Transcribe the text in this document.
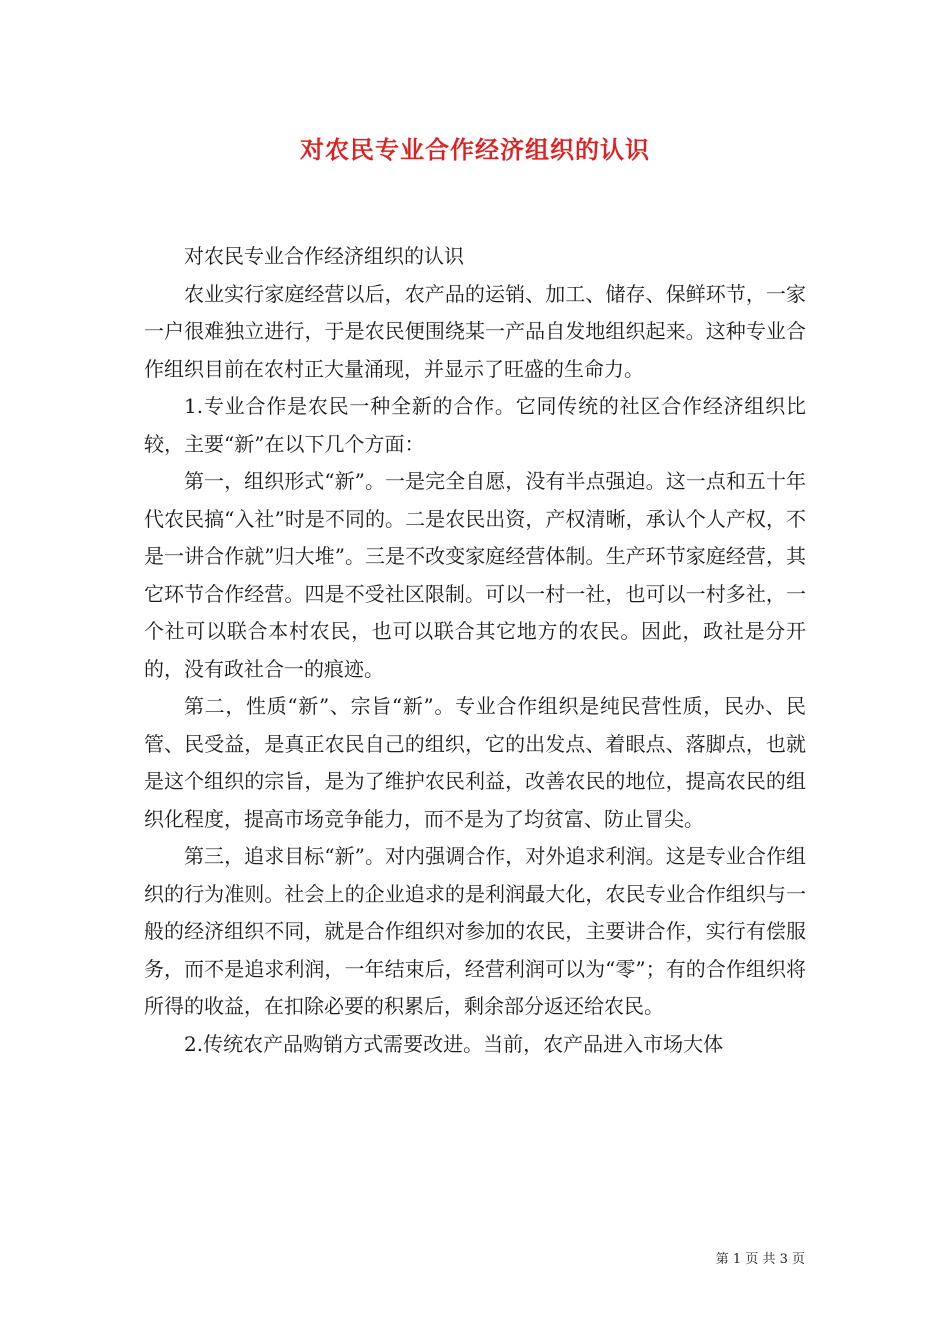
对农民专业合作经济组织的认识

对农民专业合作经济组织的认识

农业实行家庭经营以后，农产品的运销、加工、储存、保鲜环节，一家一户很难独立进行，于是农民便围绕某一产品自发地组织起来。这种专业合作组织目前在农村正大量涌现，并显示了旺盛的生命力。

1.专业合作是农民一种全新的合作。它同传统的社区合作经济组织比较，主要“新”在以下几个方面：

第一，组织形式“新”。一是完全自愿，没有半点强迫。这一点和五十年代农民搞“入社”时是不同的。二是农民出资，产权清晰，承认个人产权，不是一讲合作就”归大堆”。三是不改变家庭经营体制。生产环节家庭经营，其它环节合作经营。四是不受社区限制。可以一村一社，也可以一村多社，一个社可以联合本村农民，也可以联合其它地方的农民。因此，政社是分开的，没有政社合一的痕迹。

第二，性质“新”、宗旨“新”。专业合作组织是纯民营性质，民办、民管、民受益，是真正农民自己的组织，它的出发点、着眼点、落脚点，也就是这个组织的宗旨，是为了维护农民利益，改善农民的地位，提高农民的组织化程度，提高市场竞争能力，而不是为了均贫富、防止冒尖。

第三，追求目标“新”。对内强调合作，对外追求利润。这是专业合作组织的行为准则。社会上的企业追求的是利润最大化，农民专业合作组织与一般的经济组织不同，就是合作组织对参加的农民，主要讲合作，实行有偿服务，而不是追求利润，一年结束后，经营利润可以为“零”；有的合作组织将所得的收益，在扣除必要的积累后，剩余部分返还给农民。

2.传统农产品购销方式需要改进。当前，农产品进入市场大体

第 1 页 共 3 页
